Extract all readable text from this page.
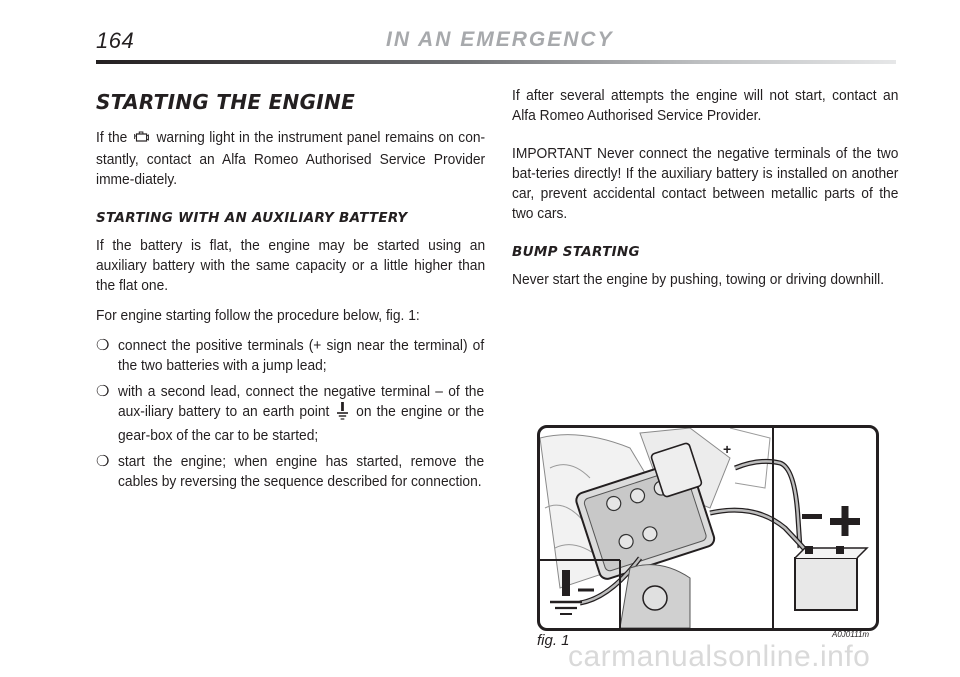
164	IN AN EMERGENCY
STARTING THE ENGINE

If the warning light in the instrument panel remains on con-stantly, contact an Alfa Romeo Authorised Service Provider imme-diately.

STARTING WITH AN AUXILIARY BATTERY

If the battery is flat, the engine may be started using an auxiliary battery with the same capacity or a little higher than the flat one.

For engine starting follow the procedure below, fig. 1:

❍ connect the positive terminals (+ sign near the terminal) of the two batteries with a jump lead;
❍ with a second lead, connect the negative terminal – of the aux-iliary battery to an earth point on the engine or the gear-box of the car to be started;
❍ start the engine; when engine has started, remove the cables by reversing the sequence described for connection.

If after several attempts the engine will not start, contact an Alfa Romeo Authorised Service Provider.

IMPORTANT Never connect the negative terminals of the two bat-teries directly! If the auxiliary battery is installed on another car, prevent accidental contact between metallic parts of the two cars.

BUMP STARTING

Never start the engine by pushing, towing or driving downhill.

+
fig. 1	A0J0111m
carmanualsonline.info
